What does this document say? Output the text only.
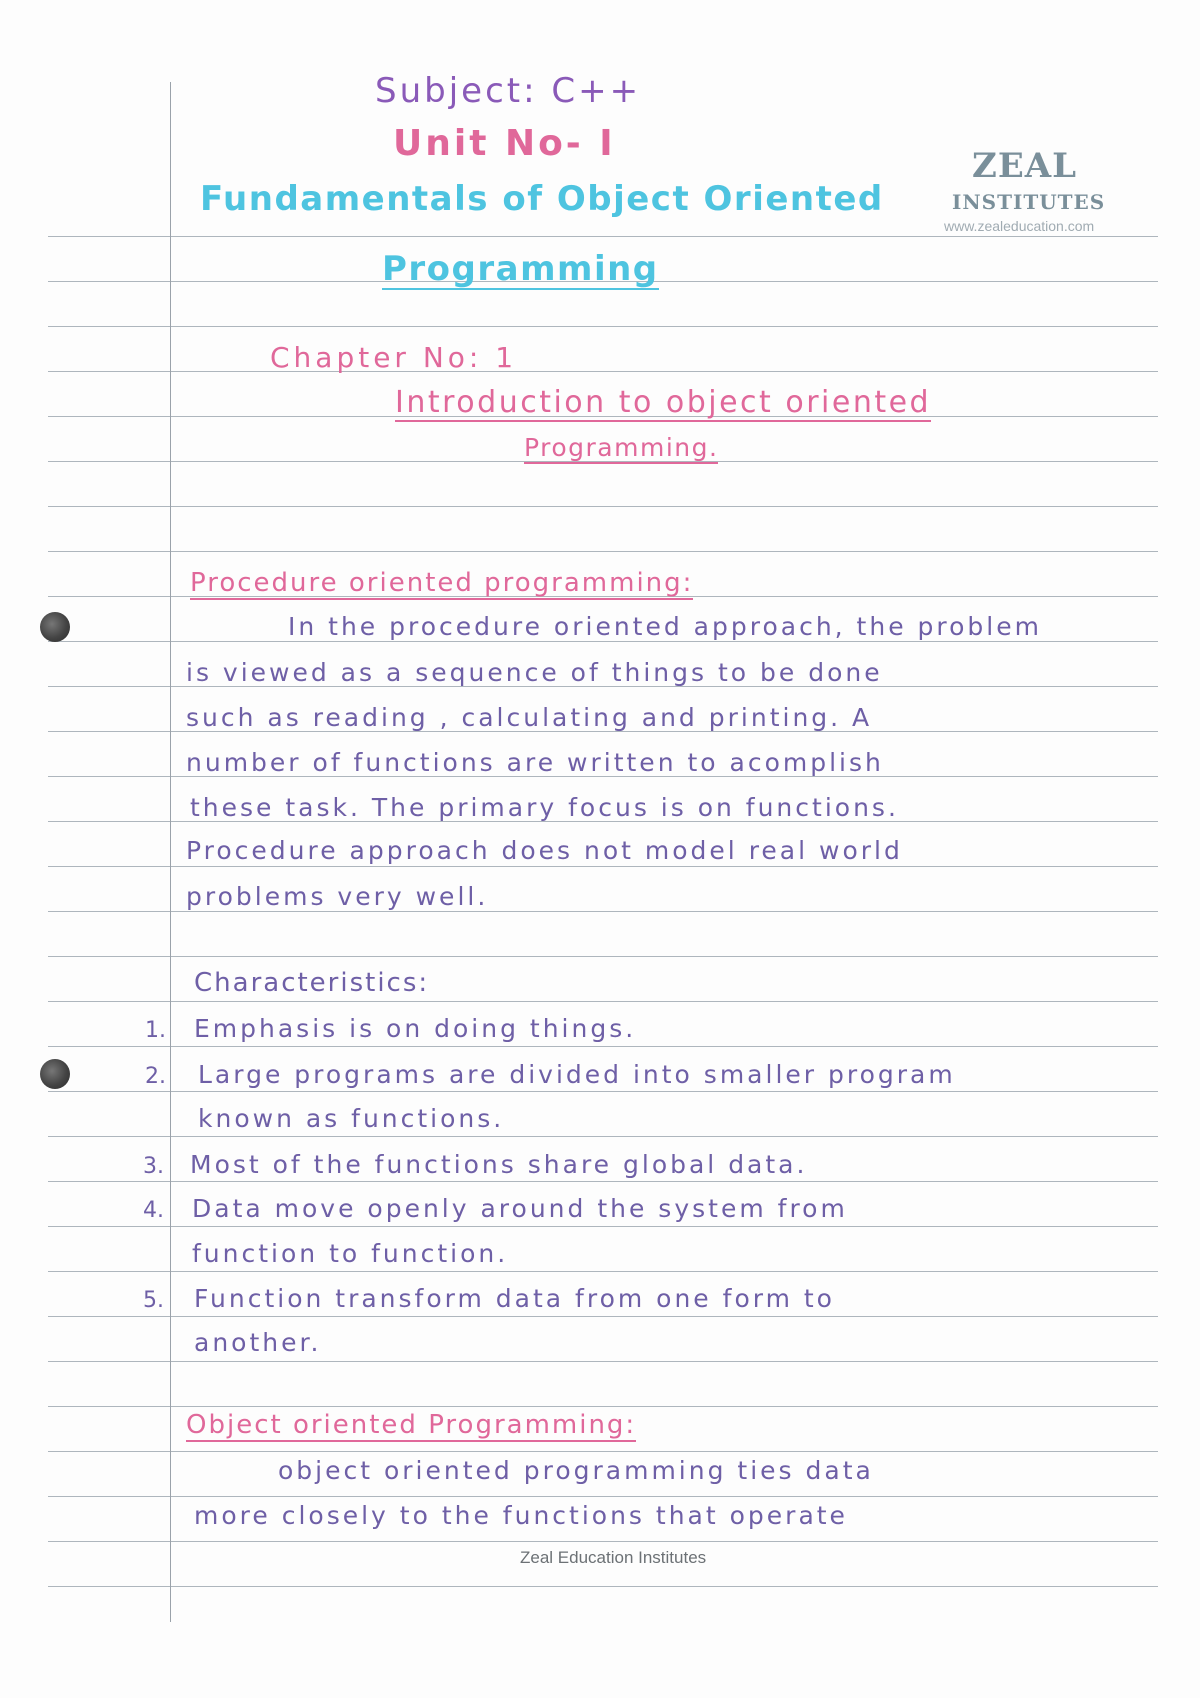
ZEAL
INSTITUTES
www.zealeducation.com
Subject: C++
Unit No- I
Fundamentals of Object Oriented
Programming
Chapter No: 1
Introduction to object oriented
Programming.
Procedure oriented programming:
In the procedure oriented approach, the problem
is viewed as a sequence of things to be done
such as reading , calculating and printing. A
number of functions are written to acomplish
these task. The primary focus is on functions.
Procedure approach does not model real world
problems very well.
Characteristics:
1. Emphasis is on doing things.
2. Large programs are divided into smaller program
known as functions.
3. Most of the functions share global data.
4. Data move openly around the system from
function to function.
5. Function transform data from one form to
another.
Object oriented Programming:
object oriented programming ties data
more closely to the functions that operate
Zeal Education Institutes
